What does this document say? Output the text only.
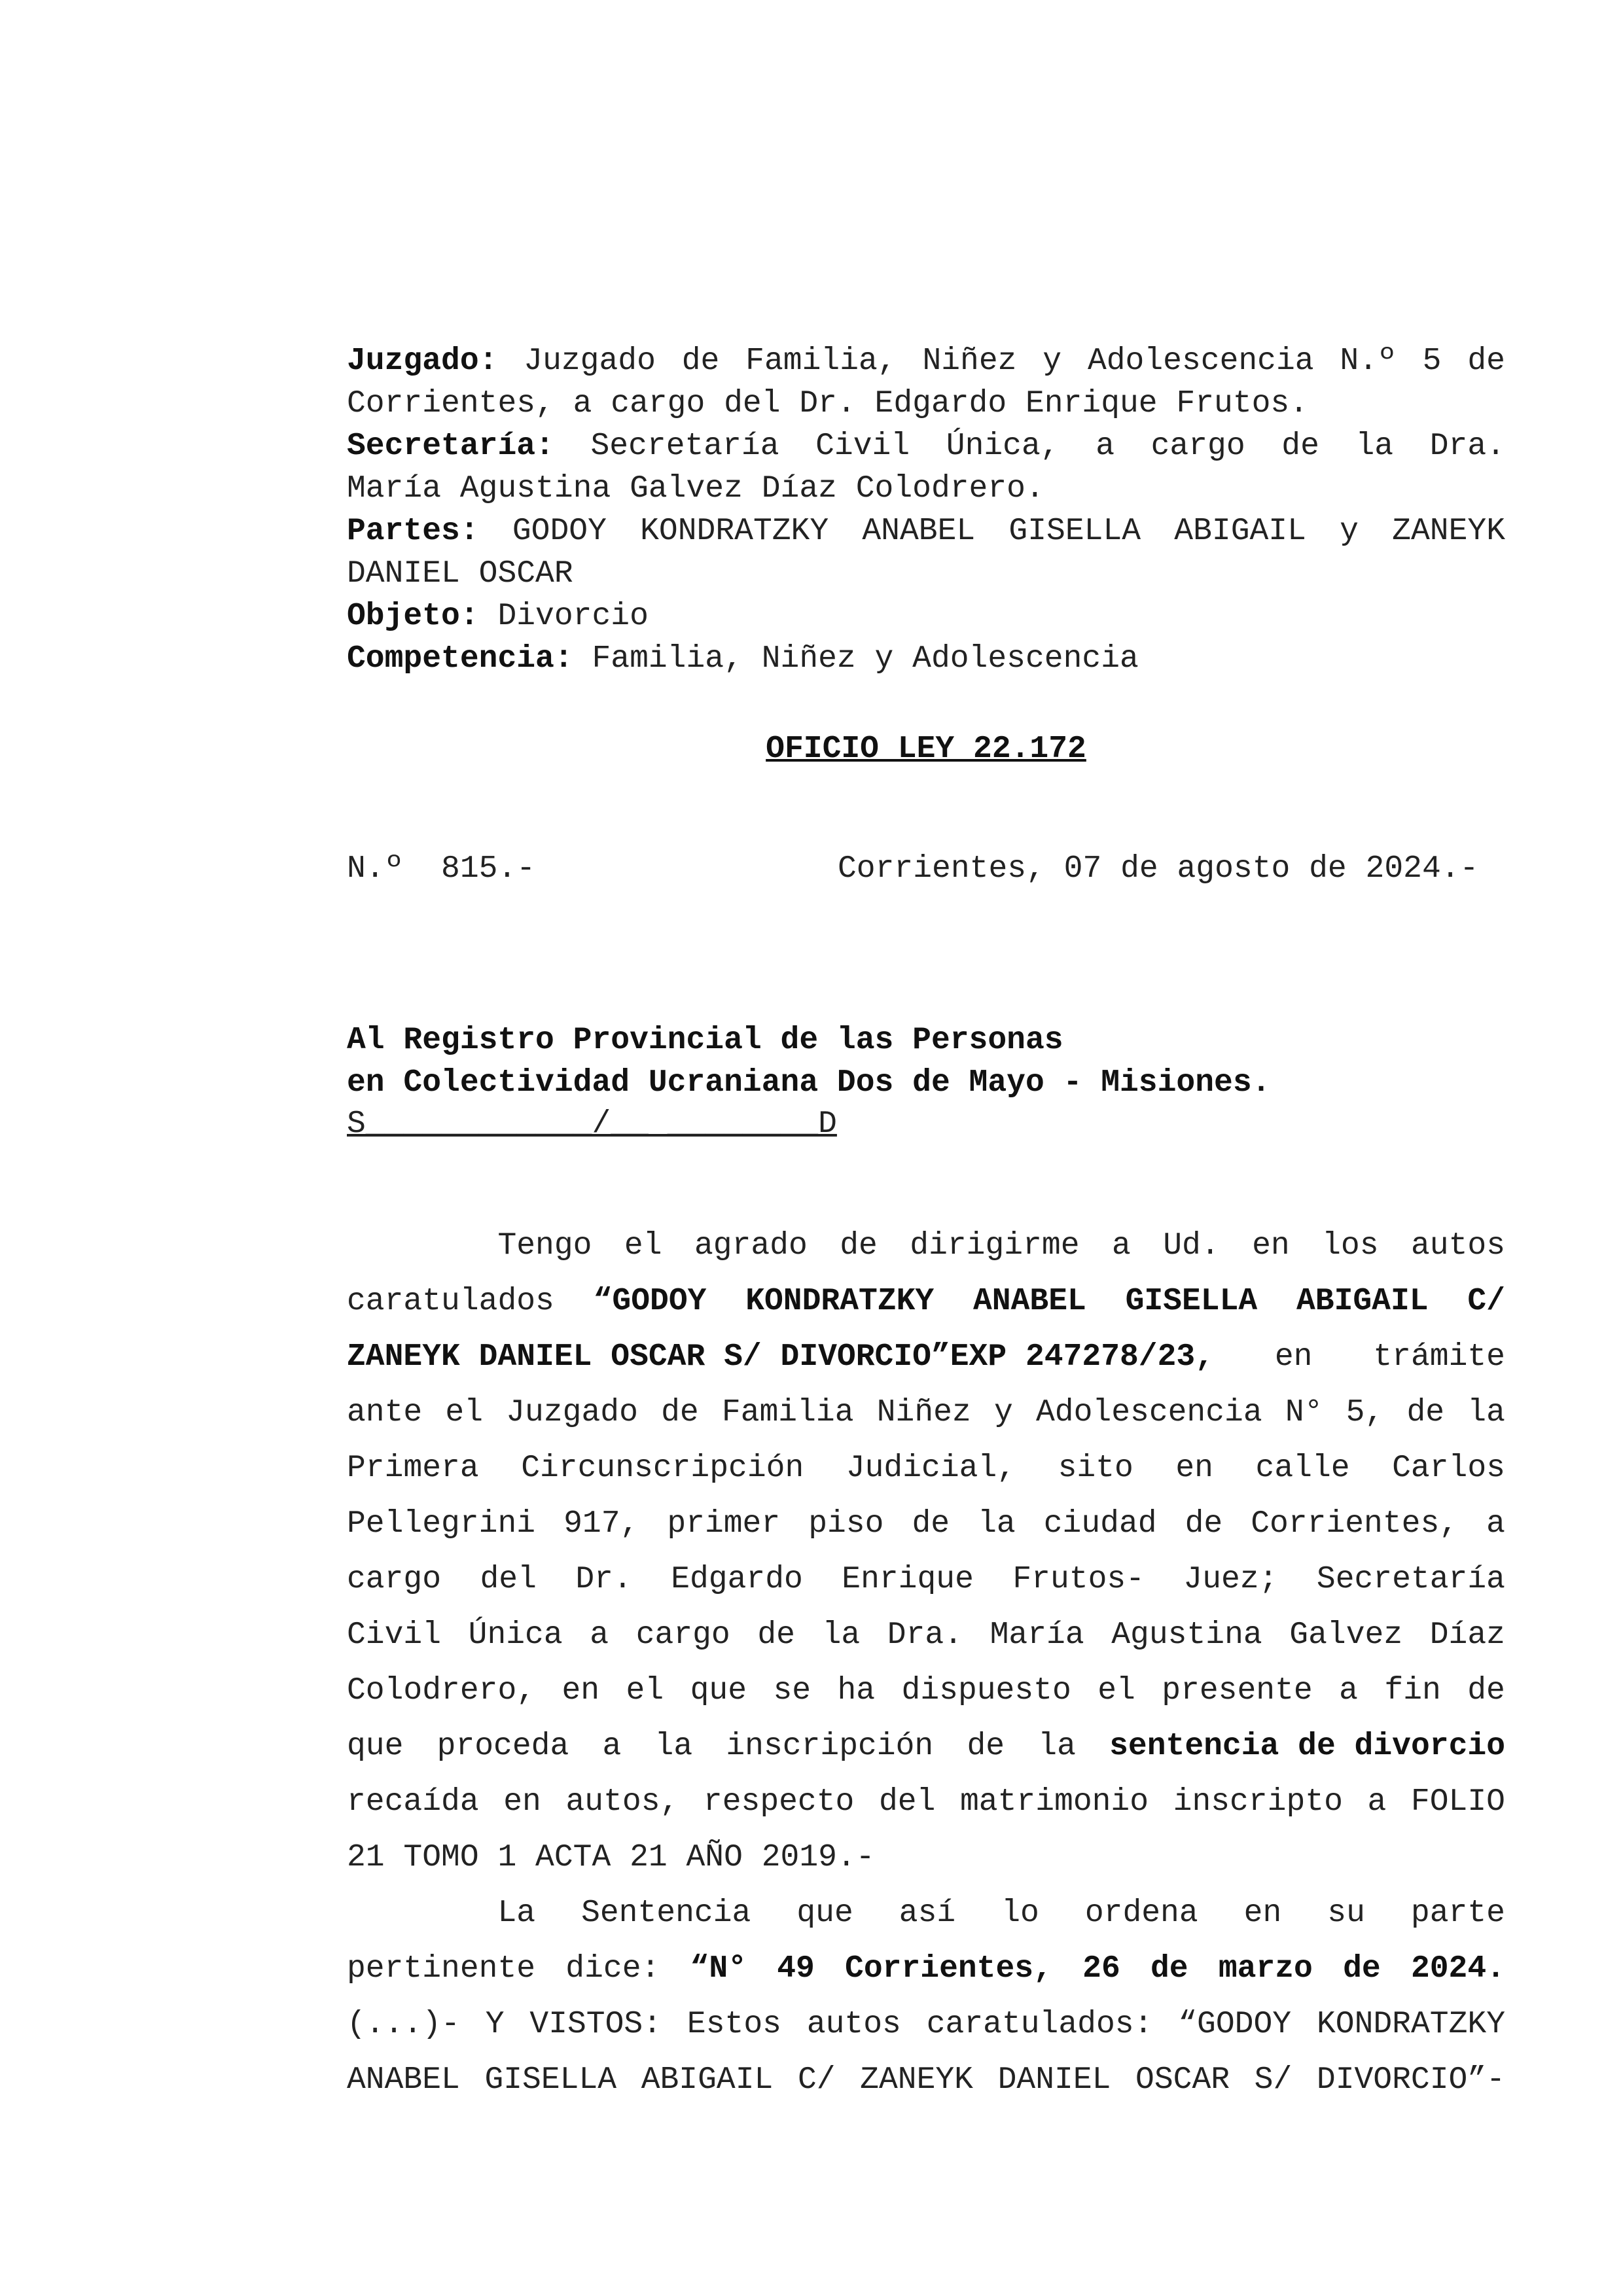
Juzgado: Juzgado de Familia, Niñez y Adolescencia N.º 5 de
Corrientes, a cargo del Dr. Edgardo Enrique Frutos.
Secretaría: Secretaría Civil Única, a cargo de la Dra.
María Agustina Galvez Díaz Colodrero.
Partes: GODOY KONDRATZKY ANABEL GISELLA ABIGAIL y ZANEYK
DANIEL OSCAR
Objeto: Divorcio
Competencia: Familia, Niñez y Adolescencia
OFICIO LEY 22.172
N.º  815.-	Corrientes, 07 de agosto de 2024.-
Al Registro Provincial de las Personas
en Colectividad Ucraniana Dos de Mayo - Misiones.
S____________/__ ________D
Tengo el agrado de dirigirme a Ud. en los autos
caratulados “GODOY KONDRATZKY ANABEL GISELLA ABIGAIL C/
ZANEYK DANIEL OSCAR S/ DIVORCIO”EXP 247278/23, en trámite
ante el Juzgado de Familia Niñez y Adolescencia N° 5, de la
Primera Circunscripción Judicial, sito en calle Carlos
Pellegrini 917, primer piso de la ciudad de Corrientes, a
cargo del Dr. Edgardo Enrique Frutos- Juez; Secretaría
Civil Única a cargo de la Dra. María Agustina Galvez Díaz
Colodrero, en el que se ha dispuesto el presente a fin de
que proceda a la inscripción de la sentencia de divorcio
recaída en autos, respecto del matrimonio inscripto a FOLIO
21 TOMO 1 ACTA 21 AÑO 2019.-
La Sentencia que así lo ordena en su parte
pertinente dice: “N° 49 Corrientes, 26 de marzo de 2024.
(...)- Y VISTOS: Estos autos caratulados: “GODOY KONDRATZKY
ANABEL GISELLA ABIGAIL C/ ZANEYK DANIEL OSCAR S/ DIVORCIO”-
